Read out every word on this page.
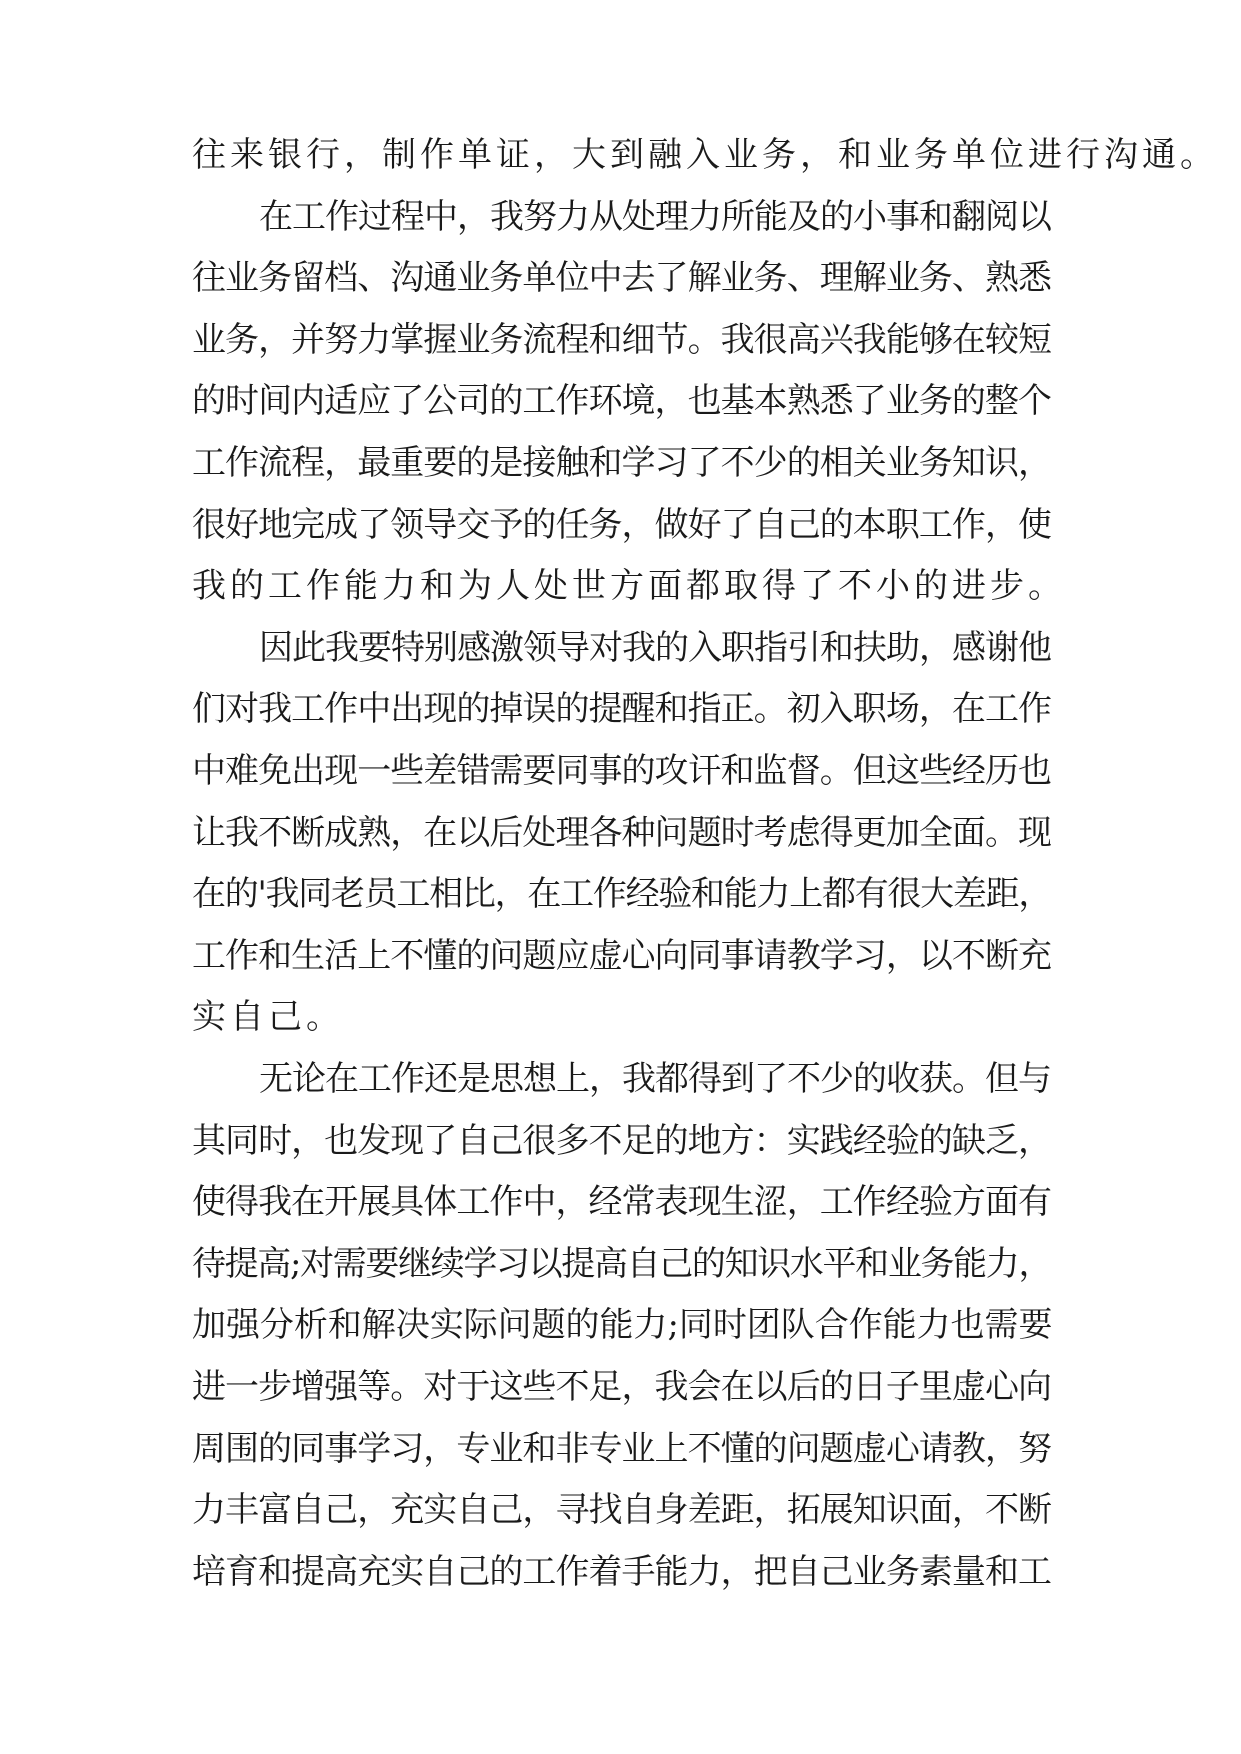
往来银行，制作单证，大到融入业务，和业务单位进行沟通。
在工作过程中，我努力从处理力所能及的小事和翻阅以
往业务留档、沟通业务单位中去了解业务、理解业务、熟悉
业务，并努力掌握业务流程和细节。我很高兴我能够在较短
的时间内适应了公司的工作环境，也基本熟悉了业务的整个
工作流程，最重要的是接触和学习了不少的相关业务知识，
很好地完成了领导交予的任务，做好了自己的本职工作，使
我的工作能力和为人处世方面都取得了不小的进步。
因此我要特别感激领导对我的入职指引和扶助，感谢他
们对我工作中出现的掉误的提醒和指正。初入职场，在工作
中难免出现一些差错需要同事的攻讦和监督。但这些经历也
让我不断成熟，在以后处理各种问题时考虑得更加全面。现
在的'我同老员工相比，在工作经验和能力上都有很大差距，
工作和生活上不懂的问题应虚心向同事请教学习，以不断充
实自己。
无论在工作还是思想上，我都得到了不少的收获。但与
其同时，也发现了自己很多不足的地方：实践经验的缺乏，
使得我在开展具体工作中，经常表现生涩，工作经验方面有
待提高;对需要继续学习以提高自己的知识水平和业务能力，
加强分析和解决实际问题的能力;同时团队合作能力也需要
进一步增强等。对于这些不足，我会在以后的日子里虚心向
周围的同事学习，专业和非专业上不懂的问题虚心请教，努
力丰富自己，充实自己，寻找自身差距，拓展知识面，不断
培育和提高充实自己的工作着手能力，把自己业务素量和工
